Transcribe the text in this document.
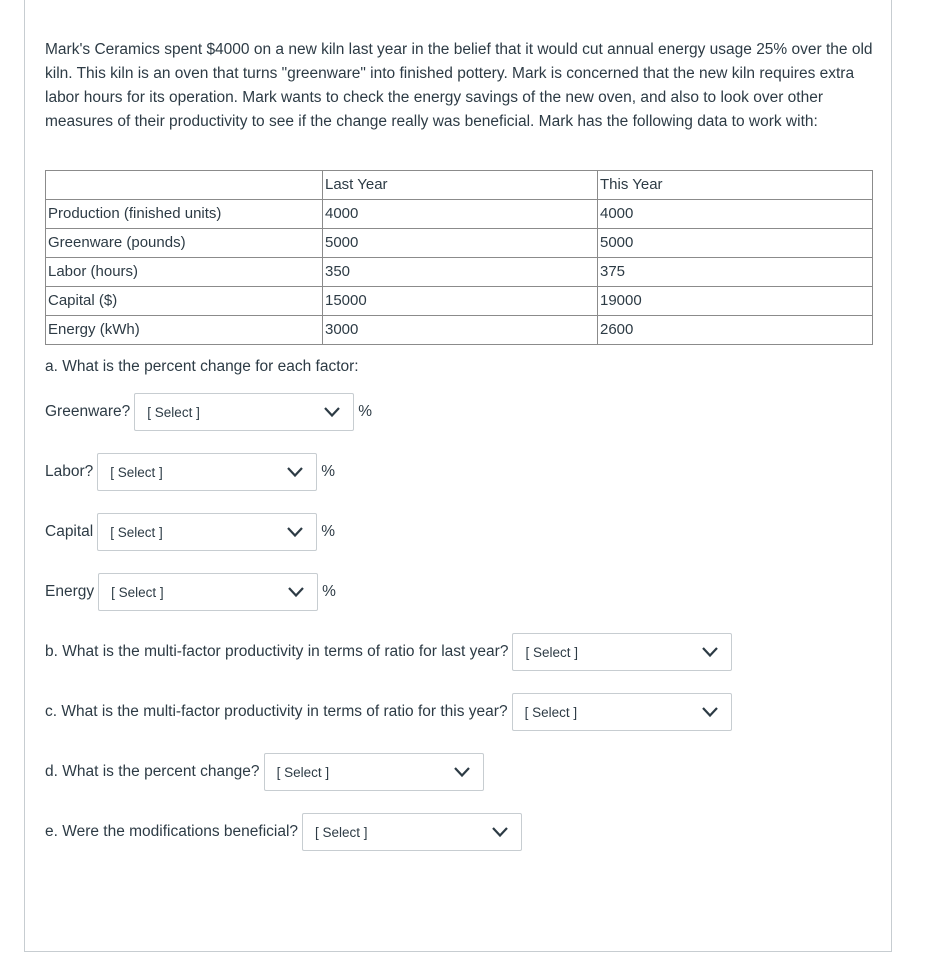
Mark's Ceramics spent $4000 on a new kiln last year in the belief that it would cut annual energy usage 25% over the old kiln. This kiln is an oven that turns "greenware" into finished pottery. Mark is concerned that the new kiln requires extra labor hours for its operation. Mark wants to check the energy savings of the new oven, and also to look over other measures of their productivity to see if the change really was beneficial. Mark has the following data to work with:

	Last Year	This Year
Production (finished units)	4000	4000
Greenware (pounds)	5000	5000
Labor (hours)	350	375
Capital ($)	15000	19000
Energy (kWh)	3000	2600
a. What is the percent change for each factor:
Greenware? [ Select ]	%
Labor? [ Select ]	%
Capital [ Select ]	%
Energy [ Select ]	%
b. What is the multi-factor productivity in terms of ratio for last year? [ Select ]
c. What is the multi-factor productivity in terms of ratio for this year? [ Select ]
d. What is the percent change? [ Select ]
e. Were the modifications beneficial? [ Select ]
